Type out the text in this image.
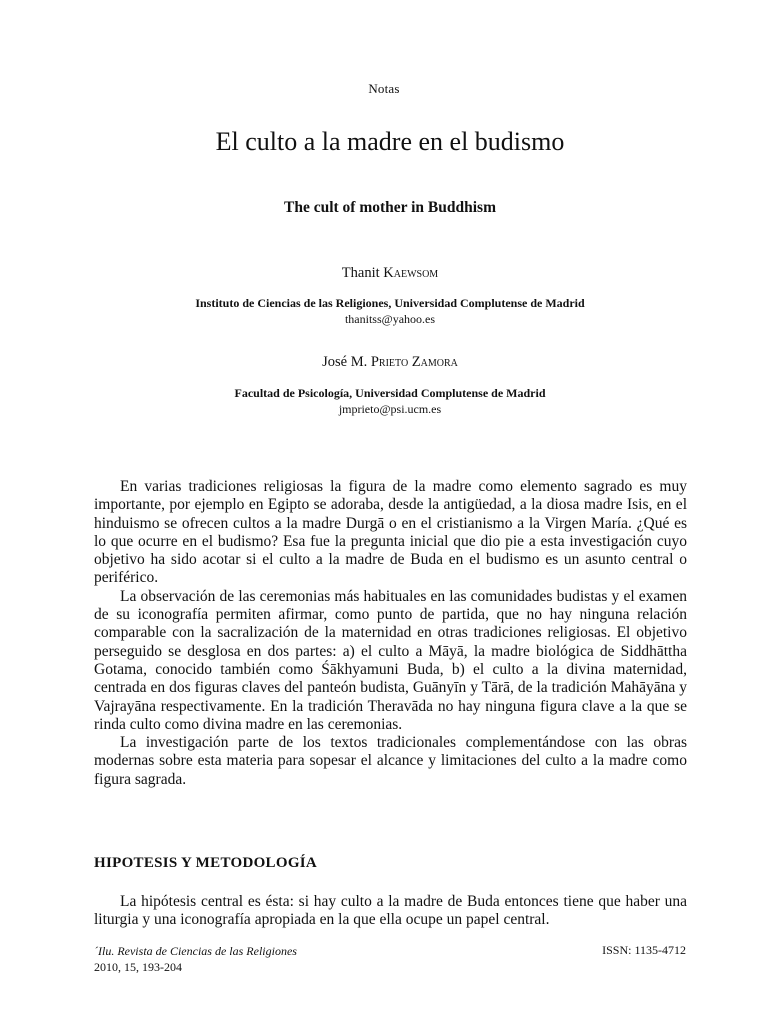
Notas
El culto a la madre en el budismo
The cult of mother in Buddhism
Thanit Kaewsom
Instituto de Ciencias de las Religiones, Universidad Complutense de Madrid
thanitss@yahoo.es
José M. Prieto Zamora
Facultad de Psicología, Universidad Complutense de Madrid
jmprieto@psi.ucm.es

En varias tradiciones religiosas la figura de la madre como elemento sagrado es muy importante, por ejemplo en Egipto se adoraba, desde la antigüedad, a la diosa madre Isis, en el hinduismo se ofrecen cultos a la madre Durgā o en el cristianismo a la Virgen María. ¿Qué es lo que ocurre en el budismo? Esa fue la pregunta inicial que dio pie a esta investigación cuyo objetivo ha sido acotar si el culto a la madre de Buda en el budismo es un asunto central o periférico.

La observación de las ceremonias más habituales en las comunidades budistas y el examen de su iconografía permiten afirmar, como punto de partida, que no hay ninguna relación comparable con la sacralización de la maternidad en otras tradiciones religiosas. El objetivo perseguido se desglosa en dos partes: a) el culto a Māyā, la madre biológica de Siddhāttha Gotama, conocido también como Śākhyamuni Buda, b) el culto a la divina maternidad, centrada en dos figuras claves del panteón budista, Guānyīn y Tārā, de la tradición Mahāyāna y Vajrayāna respectivamente. En la tradición Theravāda no hay ninguna figura clave a la que se rinda culto como divina madre en las ceremonias.

La investigación parte de los textos tradicionales complementándose con las obras modernas sobre esta materia para sopesar el alcance y limitaciones del culto a la madre como figura sagrada.

HIPOTESIS Y METODOLOGÍA

La hipótesis central es ésta: si hay culto a la madre de Buda entonces tiene que haber una liturgia y una iconografía apropiada en la que ella ocupe un papel central.

´Ilu. Revista de Ciencias de las Religiones
2010, 15, 193-204
ISSN: 1135-4712
